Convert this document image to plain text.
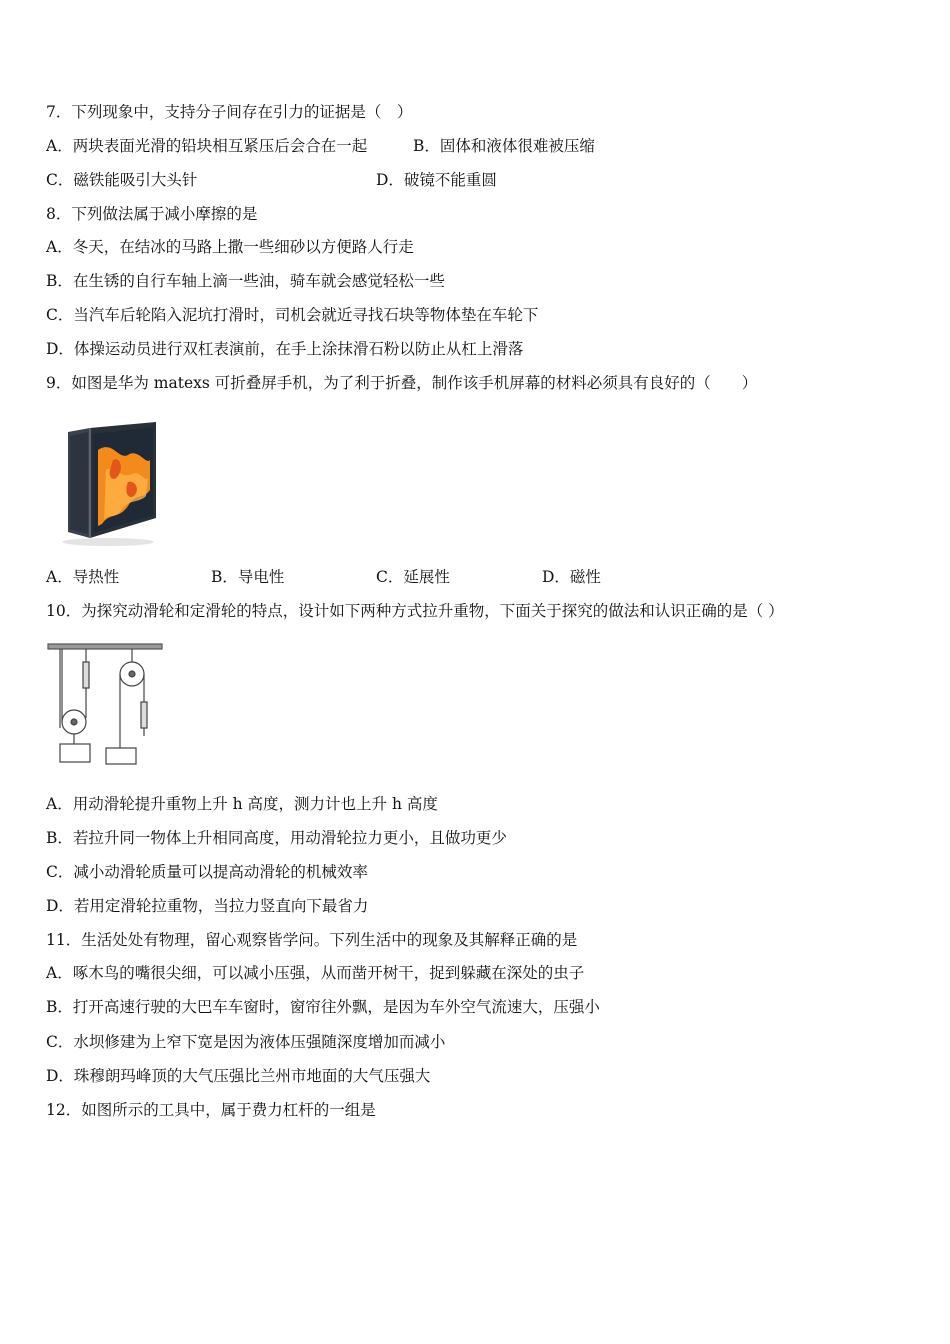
7．下列现象中，支持分子间存在引力的证据是（　）
A．两块表面光滑的铅块相互紧压后会合在一起	B．固体和液体很难被压缩
C．磁铁能吸引大头针	D．破镜不能重圆
8．下列做法属于减小摩擦的是
A．冬天，在结冰的马路上撒一些细砂以方便路人行走
B．在生锈的自行车轴上滴一些油，骑车就会感觉轻松一些
C．当汽车后轮陷入泥坑打滑时，司机会就近寻找石块等物体垫在车轮下
D．体操运动员进行双杠表演前，在手上涂抹滑石粉以防止从杠上滑落
9．如图是华为 matexs 可折叠屏手机，为了利于折叠，制作该手机屏幕的材料必须具有良好的（　　）
A．导热性	B．导电性	C．延展性	D．磁性
10．为探究动滑轮和定滑轮的特点，设计如下两种方式拉升重物，下面关于探究的做法和认识正确的是（ ）
A．用动滑轮提升重物上升 h 高度，测力计也上升 h 高度
B．若拉升同一物体上升相同高度，用动滑轮拉力更小，且做功更少
C．减小动滑轮质量可以提高动滑轮的机械效率
D．若用定滑轮拉重物，当拉力竖直向下最省力
11．生活处处有物理，留心观察皆学问。下列生活中的现象及其解释正确的是
A．啄木鸟的嘴很尖细，可以减小压强，从而凿开树干，捉到躲藏在深处的虫子
B．打开高速行驶的大巴车车窗时，窗帘往外飘，是因为车外空气流速大，压强小
C．水坝修建为上窄下宽是因为液体压强随深度增加而减小
D．珠穆朗玛峰顶的大气压强比兰州市地面的大气压强大
12．如图所示的工具中，属于费力杠杆的一组是
